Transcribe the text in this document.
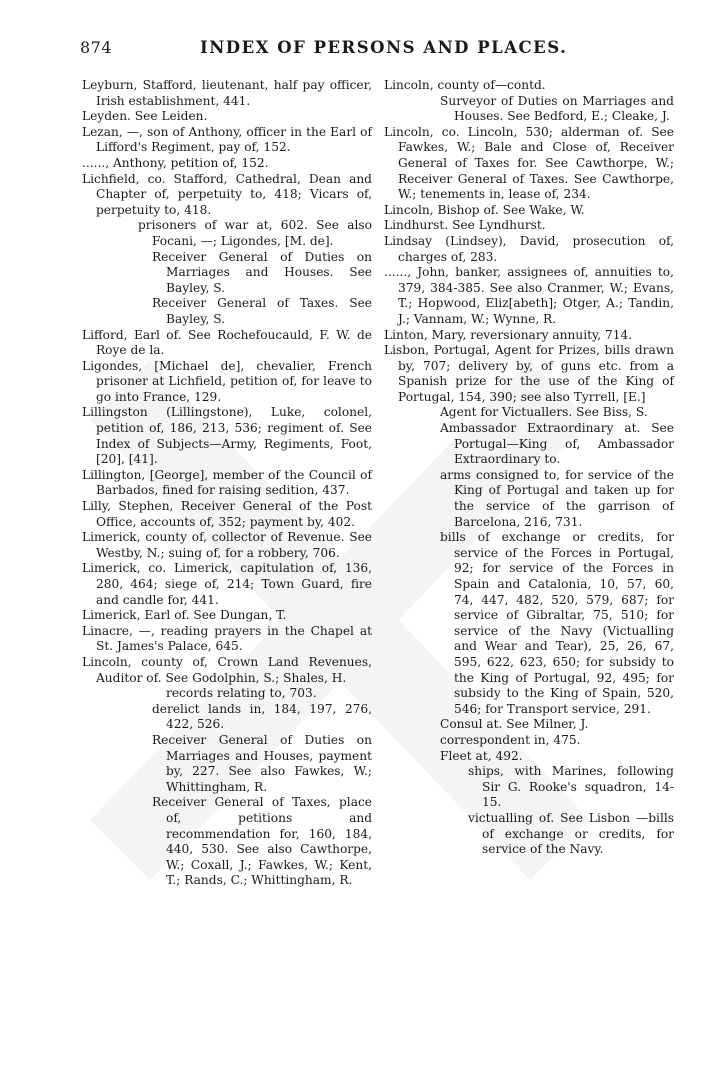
874	INDEX OF PERSONS AND PLACES.

Leyburn, Stafford, lieutenant, half pay officer, Irish establishment, 441.

Leyden. See Leiden.

Lezan, —, son of Anthony, officer in the Earl of Lifford's Regiment, pay of, 152.

......, Anthony, petition of, 152.

Lichfield, co. Stafford, Cathedral, Dean and Chapter of, perpetuity to, 418; Vicars of, perpetuity to, 418.

prisoners of war at, 602. See also Focani, —; Ligondes, [M. de].

Receiver General of Duties on Marriages and Houses. See Bayley, S.

Receiver General of Taxes. See Bayley, S.

Lifford, Earl of. See Rochefoucauld, F. W. de Roye de la.

Ligondes, [Michael de], chevalier, French prisoner at Lichfield, petition of, for leave to go into France, 129.

Lillingston (Lillingstone), Luke, colonel, petition of, 186, 213, 536; regiment of. See Index of Subjects—Army, Regiments, Foot, [20], [41].

Lillington, [George], member of the Council of Barbados, fined for raising sedition, 437.

Lilly, Stephen, Receiver General of the Post Office, accounts of, 352; payment by, 402.

Limerick, county of, collector of Revenue. See Westby, N.; suing of, for a robbery, 706.

Limerick, co. Limerick, capitulation of, 136, 280, 464; siege of, 214; Town Guard, fire and candle for, 441.

Limerick, Earl of. See Dungan, T.

Linacre, —, reading prayers in the Chapel at St. James's Palace, 645.

Lincoln, county of, Crown Land Revenues, Auditor of. See Godolphin, S.; Shales, H.

records relating to, 703.

derelict lands in, 184, 197, 276, 422, 526.

Receiver General of Duties on Marriages and Houses, payment by, 227. See also Fawkes, W.; Whittingham, R.

Receiver General of Taxes, place of, petitions and recommendation for, 160, 184, 440, 530. See also Cawthorpe, W.; Coxall, J.; Fawkes, W.; Kent, T.; Rands, C.; Whittingham, R.

Lincoln, county of—contd.

Surveyor of Duties on Marriages and Houses. See Bedford, E.; Cleake, J.

Lincoln, co. Lincoln, 530; alderman of. See Fawkes, W.; Bale and Close of, Receiver General of Taxes for. See Cawthorpe, W.; Receiver General of Taxes. See Cawthorpe, W.; tenements in, lease of, 234.

Lincoln, Bishop of. See Wake, W.

Lindhurst. See Lyndhurst.

Lindsay (Lindsey), David, prosecution of, charges of, 283.

......, John, banker, assignees of, annuities to, 379, 384-385. See also Cranmer, W.; Evans, T.; Hopwood, Eliz[abeth]; Otger, A.; Tandin, J.; Vannam, W.; Wynne, R.

Linton, Mary, reversionary annuity, 714.

Lisbon, Portugal, Agent for Prizes, bills drawn by, 707; delivery by, of guns etc. from a Spanish prize for the use of the King of Portugal, 154, 390; see also Tyrrell, [E.]

Agent for Victuallers. See Biss, S.

Ambassador Extraordinary at. See Portugal—King of, Ambassador Extraordinary to.

arms consigned to, for service of the King of Portugal and taken up for the service of the garrison of Barcelona, 216, 731.

bills of exchange or credits, for service of the Forces in Portugal, 92; for service of the Forces in Spain and Catalonia, 10, 57, 60, 74, 447, 482, 520, 579, 687; for service of Gibraltar, 75, 510; for service of the Navy (Victualling and Wear and Tear), 25, 26, 67, 595, 622, 623, 650; for subsidy to the King of Portugal, 92, 495; for subsidy to the King of Spain, 520, 546; for Transport service, 291.

Consul at. See Milner, J.

correspondent in, 475.

Fleet at, 492.

ships, with Marines, following Sir G. Rooke's squadron, 14-15.

victualling of. See Lisbon —bills of exchange or credits, for service of the Navy.
